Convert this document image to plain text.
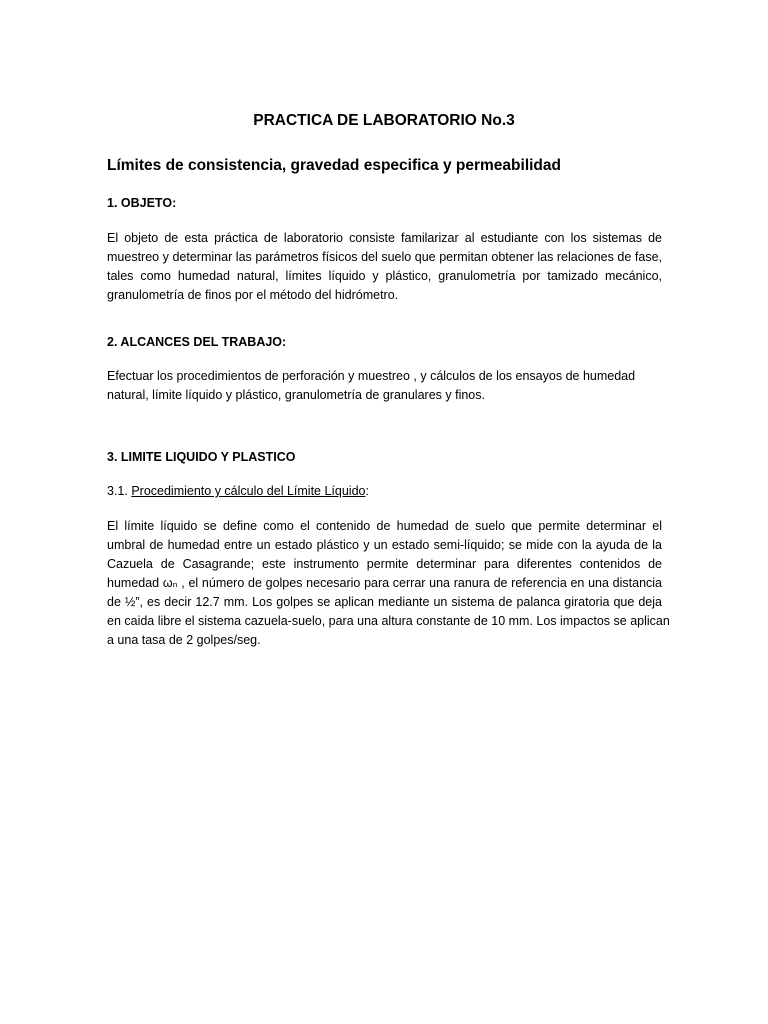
PRACTICA DE LABORATORIO No.3
Límites de consistencia, gravedad especifica y permeabilidad
1. OBJETO:
El objeto de esta práctica de laboratorio consiste familarizar al estudiante con los sistemas de
muestreo y determinar las parámetros físicos del suelo que permitan obtener las relaciones de fase,
tales como humedad natural, límites líquido y plástico, granulometría por tamizado mecánico,
granulometría de finos por el método del hidrómetro.
2. ALCANCES DEL TRABAJO:
Efectuar los procedimientos de perforación y muestreo , y cálculos de los ensayos de humedad
natural, límite líquido y plástico, granulometría de granulares y finos.
3. LIMITE LIQUIDO Y PLASTICO
3.1. Procedimiento y cálculo del Límite Líquido:
El límite líquido se define como el contenido de humedad de suelo que permite determinar el
umbral de humedad entre un estado plástico y un estado semi-líquido; se mide con la ayuda de la
Cazuela de Casagrande; este instrumento permite determinar para diferentes contenidos de
humedad ωₙ , el número de golpes necesario para cerrar una ranura de referencia en una distancia
de ½”, es decir 12.7 mm. Los golpes se aplican mediante un sistema de palanca giratoria que deja
en caida libre el sistema cazuela-suelo, para una altura constante de 10 mm. Los impactos se aplican
a una tasa de 2 golpes/seg.
